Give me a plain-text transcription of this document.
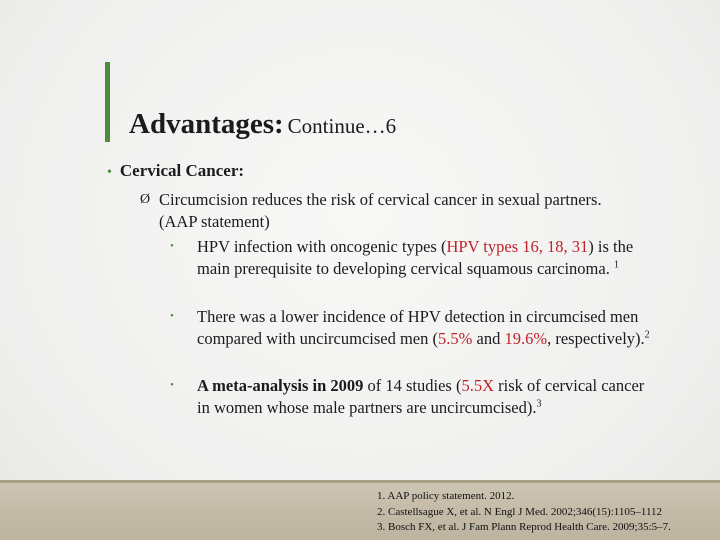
Advantages: Continue…6
• Cervical Cancer:
Ø Circumcision reduces the risk of cervical cancer in sexual partners.(AAP statement)
• HPV infection with oncogenic types (HPV types 16, 18, 31) is the main prerequisite to developing cervical squamous carcinoma. $^1$
• There was a lower incidence of HPV detection in circumcised men compared with uncircumcised men (5.5% and 19.6%, respectively).$^2$
• A meta-analysis in 2009 of 14 studies (5.5X risk of cervical cancer in women whose male partners are uncircumcised).$^3$
1. AAP policy statement. 2012.
2. Castellsague X, et al. N Engl J Med. 2002;346(15):1105–1112
3. Bosch FX, et al. J Fam Plann Reprod Health Care. 2009;35:5–7.
